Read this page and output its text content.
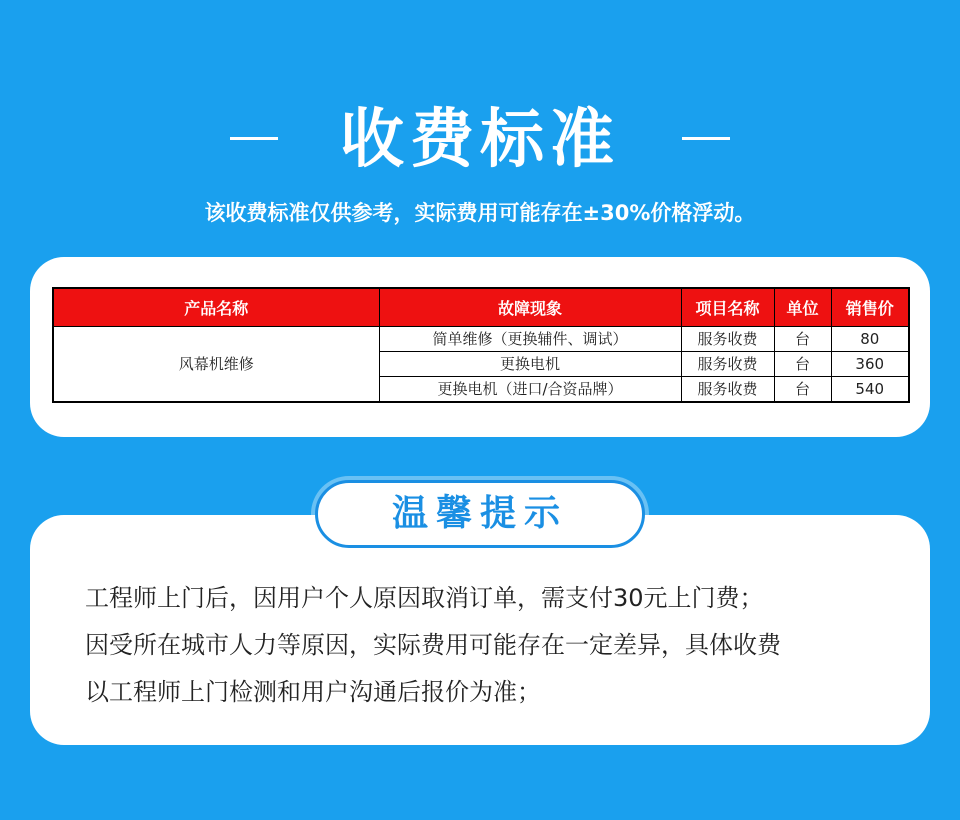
收费标准
该收费标准仅供参考，实际费用可能存在±30%价格浮动。
产品名称	故障现象	项目名称	单位	销售价
风幕机维修	简单维修（更换辅件、调试）	服务收费	台	80
	更换电机	服务收费	台	360
	更换电机（进口/合资品牌）	服务收费	台	540
工程师上门后，因用户个人原因取消订单，需支付30元上门费；
因受所在城市人力等原因，实际费用可能存在一定差异，具体收费
以工程师上门检测和用户沟通后报价为准；
温馨提示
